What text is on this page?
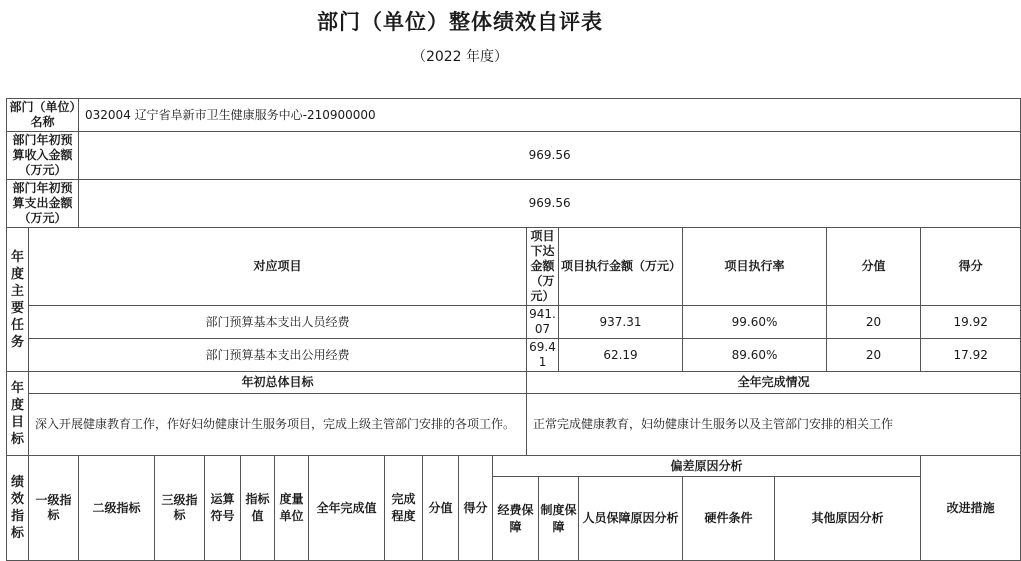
部门（单位）整体绩效自评表
（2022 年度）
部门（单位）名称		032004 辽宁省阜新市卫生健康服务中心-210900000																	
部门年初预算收入金额（万元）		969.56																	
部门年初预算支出金额（万元）		969.56																	
年度主要任务	对应项目											项目下达金额（万元）		项目执行金额（万元）		项目执行率		分值	得分
	部门预算基本支出人员经费											941.07		937.31		99.60%		20	19.92
	部门预算基本支出公用经费											69.41		62.19		89.60%		20	17.92
年度目标	年初总体目标											全年完成情况							
	深入开展健康教育工作，作好妇幼健康计生服务项目，完成上级主管部门安排的各项工作。											正常完成健康教育，妇幼健康计生服务以及主管部门安排的相关工作							
绩效指标	一级指标	二级指标	三级指标	运算符号	指标值	度量单位	全年完成值	完成程度	分值	得分	偏差原因分析								改进措施
											经费保障		制度保障		人员保障原因分析	硬件条件	其他原因分析		
